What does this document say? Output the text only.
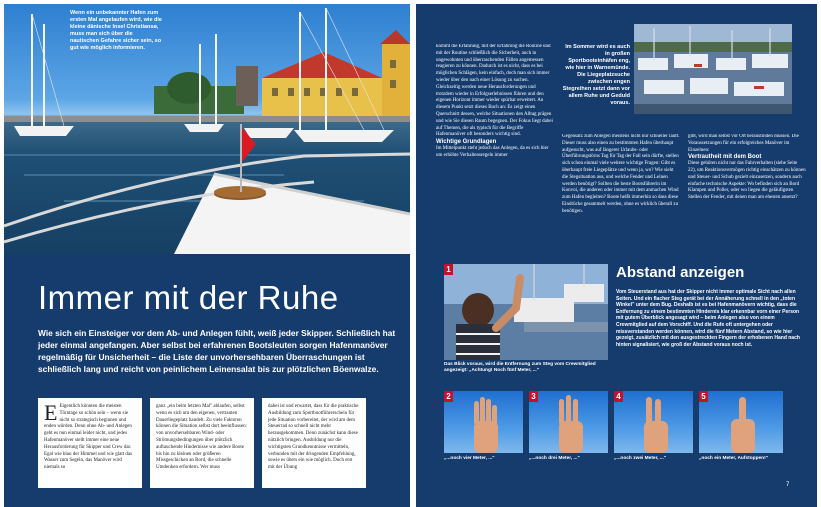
Wenn ein unbekannter Hafen zum ersten Mal angelaufen wird, wie die kleine dänische Insel Christiansø, muss man sich über die nautischen Gefahre sicher sein, so gut wie möglich informieren.
Immer mit der Ruhe
Wie sich ein Einsteiger vor dem Ab- und Anlegen fühlt, weiß jeder Skipper. Schließlich hat jeder einmal angefangen. Aber selbst bei erfahrenen Bootsleuten sorgen Hafenmanöver regelmäßig für Unsicherheit – die Liste der unvorhersehbaren Überraschungen ist schließlich lang und reicht von peinlichem Leinensalat bis zur plötzlichen Böenwalze.
E Eigentlich könnten die meisten Törntage so schön sein – wenn sie nicht so strategisch beginnen und enden würden. Denn ohne Ab- und Anlegen geht es nun einmal leider nicht, und jedes Hafenmanöver stellt immer eine neue Herausforderung für Skipper und Crew dar. Egal wie blau der Himmel und wie glatt das Wasser zum Segeln, das Manöver wird niemals so
ganz „ein beim letzten Mal" ablaufen, selbst wenn es sich um den eigenen, vertrauten Dauerliegeplatz handelt. Zu viele Faktoren können die Situation selbst dort beeinflussen: von unvorhersehbaren Wind- oder Strömungsbedingungen über plötzlich auftauchende Hindernisse wie andere Boote bis hin zu kleinen oder größeren Missgeschicken an Bord, die schnelle Umdenken erfordern. Wer muss
dabei ist und erwartet, dass für die praktische Ausbildung zum Sportbootführerschein für jede Situation vorbereitet, der wird am dem Steuerrad so schnell nicht mehr herausgekommen. Denn zunächst kann diese nützlich bringen. Ausbildung nur die wichtigsten Grundkenntnisse vermitteln, verbunden mit der dringenden Empfehlung, sowie es übers ein wie möglich. Doch erst mit der Übung
6
kommt die Erfahrung, mit der Erfahrung die Routine und mit der Routine schließlich die Sicherheit, auch in ungewohnten und überraschenden Fällen angemessen reagieren zu können. Dadurch ist es nicht, dass es bei möglichen Schlägen, kein einfach, doch man sich immer wieder über den nach einer Lösung zu suchen. Gleichzeitig werden neue Herausforderungen und trotzdem wieder in Erfolgserlebnissen führen und den eigenen Horizont immer wieder spürbar erweitert. An diesem Punkt setzt dieses Buch an: Es zeigt einen Querschnitt dessen, welche Situationen den Alltag prägen und wie Sie diesen Raum begegnen. Der Fokus liegt dabei auf Themen, die als typisch für die Begriffe Hafenmanöver oft besonders wichtig sind.
Wichtige Grundlagen
Im Mittelpunkt steht jedoch das Anlegen, da es sich hier um erhöhte Verhaltensregeln immer
Im Sommer wird es auch in großen Sportbooteinhäfen eng, wie hier in Warnemünde. Die Liegeplatzsuche zwischen engen Stegreihen setzt dann vor allem Ruhe und Geduld voraus.
Gegensatz zum Ablegen meistens nicht nur schneller läuft. Dieser muss also einen zu bestimmten Hafen überhaupt aufgesucht, was auf längerer Urlaubs- oder Überführungstörns Tag für Tag der Fall sein dürfte, stellen sich schon einmal viele weitere wichtige Fragen: Gibt es überhaupt freie Liegeplätze und wenn ja, wo? Wie sieht die Stegsituation aus, und welche Fender und Leinen werden benötigt? Sollten die beste Bootsführerin im Konvoi, die anderen oder immer mit dem anmachen Wind zum Hafen begleiten? Boote heißt immerhin so dass diese Eindrücke gesammelt werden, ohne es wirklich überall zu benötigen.
gibt, wird man selbst vor Ort herausfinden müssen. Die Voraussetzungen für ein erfolgreiches Manöver im Einzelnen:
Vertrautheit mit dem Boot
Diese gehören nicht nur das Fahrverhalten (siehe Seite 22), um Reaktionsvermögen richtig einschätzen zu können und Steuer- und Schub gezielt einzusetzen, sondern auch einfache technische Aspekte: Wo befinden sich an Bord Klampen und Poller, oder wo liegen die geläufigsten Stellen der Fender, mit denen man am ehesten ansetzt?
1
Das Blick voraus, wird die Entfernung zum Steg vom Crewmitglied angezeigt: „Achtung! Noch fünf Meter, ..."
Abstand anzeigen
Vom Steuerstand aus hat der Skipper nicht immer optimale Sicht nach allen Seiten. Und ein flacher Steg gerät bei der Annäherung schnell in den „toten Winkel" unter dem Bug. Deshalb ist es bei Hafenmanövern wichtig, dass die Entfernung zu einem bestimmten Hindernis klar erkennbar vorn einer Person mit gutem Überblick angesagt wird – beim Anlegen also von einem Crewmitglied auf dem Vorschiff. Und die Rufe oft untergehen oder missverstanden werden können, wird die fünf Metern Abstand, so wie hier gezeigt, zusätzlich mit den ausgestreckten Fingern der erhobenen Hand nach hinten signalisiert, wie groß der Abstand voraus noch ist.
2	3	4	5
„...noch vier Meter, ..."	„...noch drei Meter, ..."	„...noch zwei Meter, ..."	„noch ein Meter, Aufstoppen!"
7
